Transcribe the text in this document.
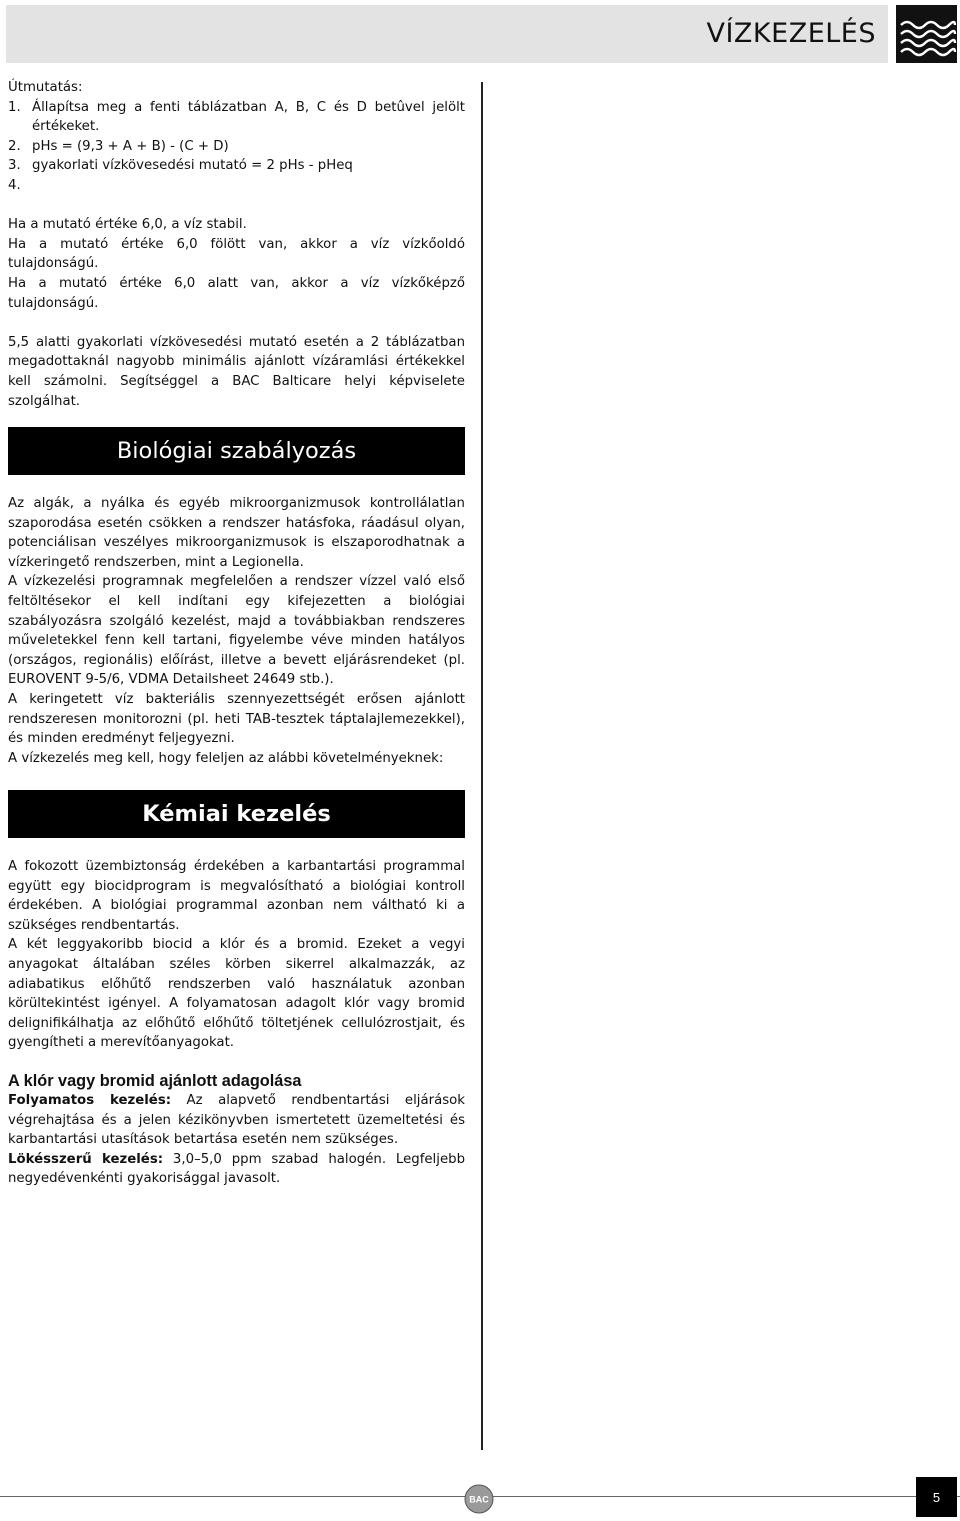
VÍZKEZELÉS

Útmutatás:

1. Állapítsa meg a fenti táblázatban A, B, C és D betûvel jelölt értékeket.
2. pHs = (9,3 + A + B) - (C + D)
3. gyakorlati vízkövesedési mutató = 2 pHs - pHeq
4.

Ha a mutató értéke 6,0, a víz stabil.

Ha a mutató értéke 6,0 fölött van, akkor a víz vízkőoldó tulajdonságú.

Ha a mutató értéke 6,0 alatt van, akkor a víz vízkőképző tulajdonságú.

5,5 alatti gyakorlati vízkövesedési mutató esetén a 2 táblázatban megadottaknál nagyobb minimális ajánlott vízáramlási értékekkel kell számolni. Segítséggel a BAC Balticare helyi képviselete szolgálhat.

Biológiai szabályozás

Az algák, a nyálka és egyéb mikroorganizmusok kontrollálatlan szaporodása esetén csökken a rendszer hatásfoka, ráadásul olyan, potenciálisan veszélyes mikroorganizmusok is elszaporodhatnak a vízkeringető rendszerben, mint a Legionella.

A vízkezelési programnak megfelelően a rendszer vízzel való első feltöltésekor el kell indítani egy kifejezetten a biológiai szabályozásra szolgáló kezelést, majd a továbbiakban rendszeres műveletekkel fenn kell tartani, figyelembe véve minden hatályos (országos, regionális) előírást, illetve a bevett eljárásrendeket (pl. EUROVENT 9-5/6, VDMA Detailsheet 24649 stb.).

A keringetett víz bakteriális szennyezettségét erősen ajánlott rendszeresen monitorozni (pl. heti TAB-tesztek táptalajlemezekkel), és minden eredményt feljegyezni.

A vízkezelés meg kell, hogy feleljen az alábbi követelményeknek:

Kémiai kezelés

A fokozott üzembiztonság érdekében a karbantartási programmal együtt egy biocidprogram is megvalósítható a biológiai kontroll érdekében. A biológiai programmal azonban nem váltható ki a szükséges rendbentartás.

A két leggyakoribb biocid a klór és a bromid. Ezeket a vegyi anyagokat általában széles körben sikerrel alkalmazzák, az adiabatikus előhűtő rendszerben való használatuk azonban körültekintést igényel. A folyamatosan adagolt klór vagy bromid delignifikálhatja az előhűtő előhűtő töltetjének cellulózrostjait, és gyengítheti a merevítőanyagokat.

A klór vagy bromid ajánlott adagolása

Folyamatos kezelés: Az alapvető rendbentartási eljárások végrehajtása és a jelen kézikönyvben ismertetett üzemeltetési és karbantartási utasítások betartása esetén nem szükséges.

Lökésszerű kezelés: 3,0–5,0 ppm szabad halogén. Legfeljebb negyedévenkénti gyakorisággal javasolt.

BAC	5
